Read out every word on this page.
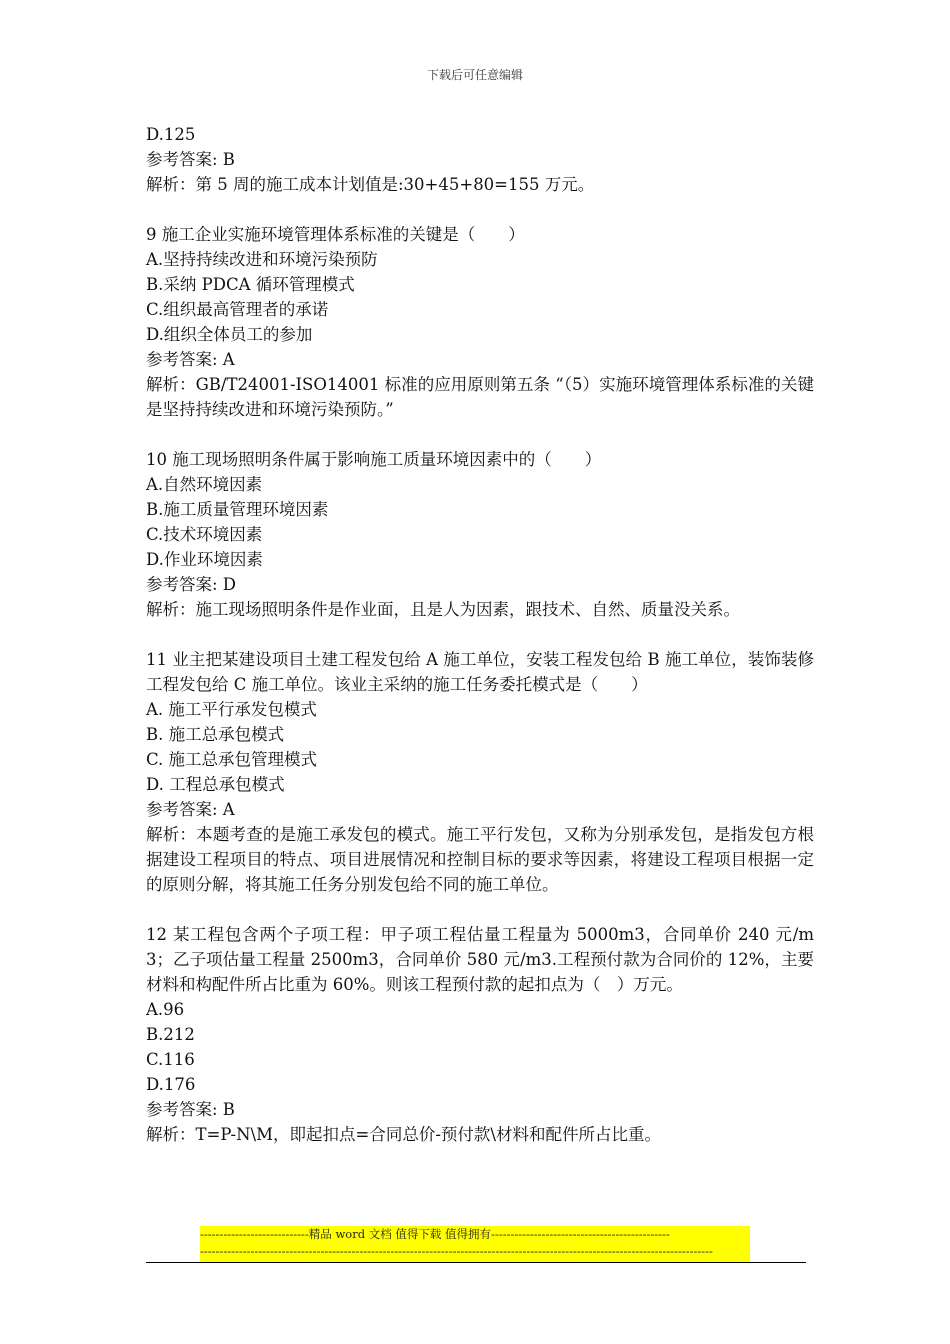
下载后可任意编辑
D.125
参考答案: B
解析：第 5 周的施工成本计划值是:30+45+80=155 万元。
9 施工企业实施环境管理体系标准的关键是（　　）
A.坚持持续改进和环境污染预防
B.采纳 PDCA 循环管理模式
C.组织最高管理者的承诺
D.组织全体员工的参加
参考答案: A
解析：GB/T24001-ISO14001 标准的应用原则第五条 “（5）实施环境管理体系标准的关键是坚持持续改进和环境污染预防。”
10 施工现场照明条件属于影响施工质量环境因素中的（　　）
A.自然环境因素
B.施工质量管理环境因素
C.技术环境因素
D.作业环境因素
参考答案: D
解析：施工现场照明条件是作业面，且是人为因素，跟技术、自然、质量没关系。
11 业主把某建设项目土建工程发包给 A 施工单位，安装工程发包给 B 施工单位，装饰装修工程发包给 C 施工单位。该业主采纳的施工任务委托模式是（　　）
A. 施工平行承发包模式
B. 施工总承包模式
C. 施工总承包管理模式
D. 工程总承包模式
参考答案: A
解析：本题考查的是施工承发包的模式。施工平行发包，又称为分别承发包，是指发包方根据建设工程项目的特点、项目进展情况和控制目标的要求等因素，将建设工程项目根据一定的原则分解，将其施工任务分别发包给不同的施工单位。
12 某工程包含两个子项工程：甲子项工程估量工程量为 5000m3，合同单价 240 元/m3；乙子项估量工程量 2500m3，合同单价 580 元/m3.工程预付款为合同价的 12%，主要材料和构配件所占比重为 60%。则该工程预付款的起扣点为（　）万元。
A.96
B.212
C.116
D.176
参考答案: B
解析：T=P-N\M，即起扣点=合同总价-预付款\材料和配件所占比重。
----------------------------精品 word 文档 值得下载 值得拥有----------------------------------------------
------------------------------------------------------------------------------------------------------------------------------------
